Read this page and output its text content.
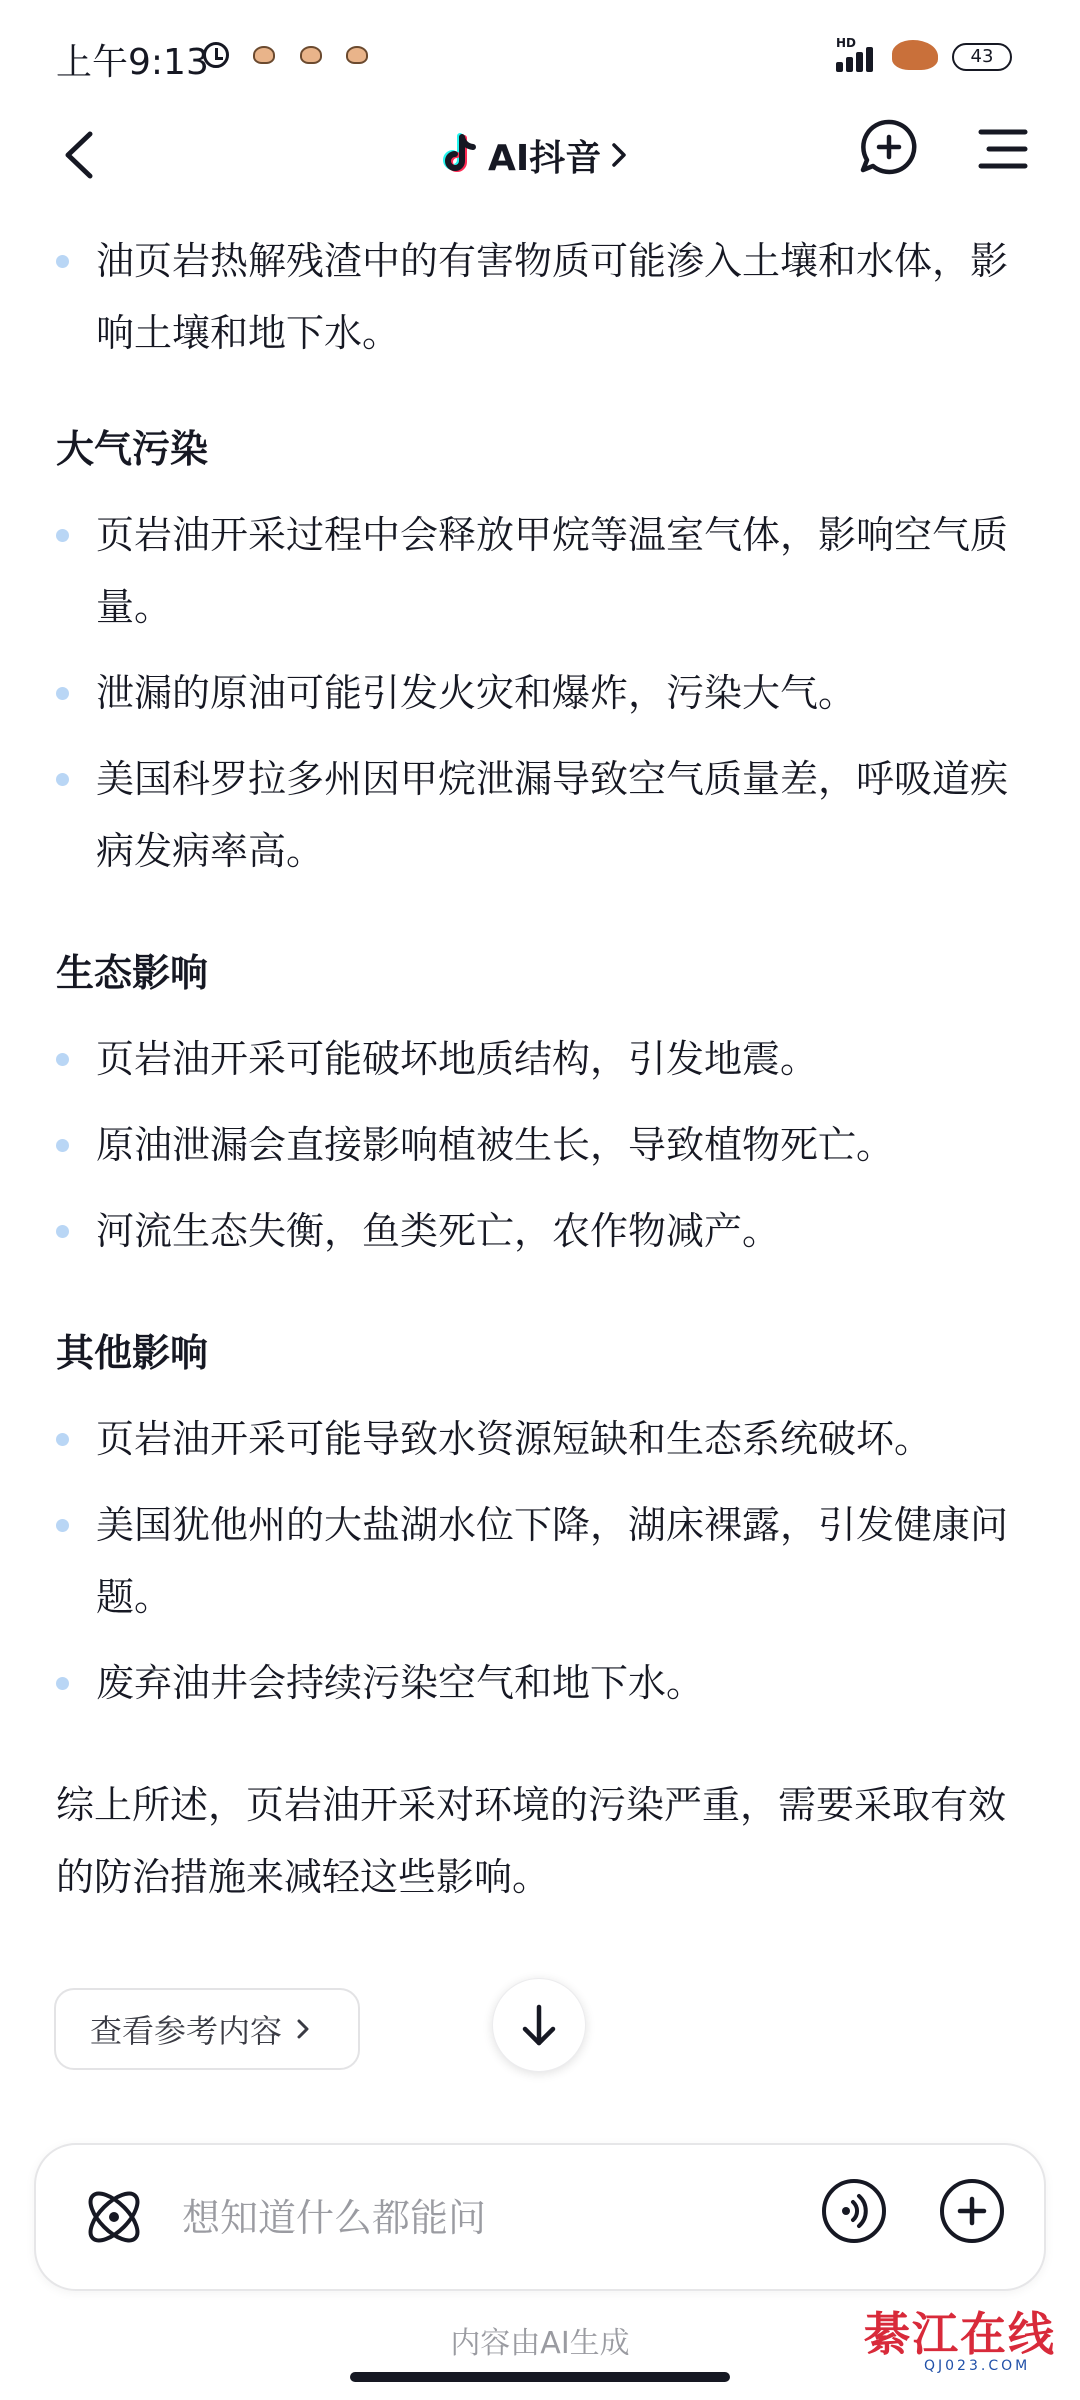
上午9:13	HD
43
AI抖音
油页岩热解残渣中的有害物质可能渗入土壤和水体，影响土壤和地下水。
大气污染
页岩油开采过程中会释放甲烷等温室气体，影响空气质量。
泄漏的原油可能引发火灾和爆炸，污染大气。
美国科罗拉多州因甲烷泄漏导致空气质量差，呼吸道疾病发病率高。
生态影响
页岩油开采可能破坏地质结构，引发地震。
原油泄漏会直接影响植被生长，导致植物死亡。
河流生态失衡，鱼类死亡，农作物减产。
其他影响
页岩油开采可能导致水资源短缺和生态系统破坏。
美国犹他州的大盐湖水位下降，湖床裸露，引发健康问题。
废弃油井会持续污染空气和地下水。
综上所述，页岩油开采对环境的污染严重，需要采取有效的防治措施来减轻这些影响。
查看参考内容
想知道什么都能问
内容由AI生成	綦江在线
QJ023.COM
